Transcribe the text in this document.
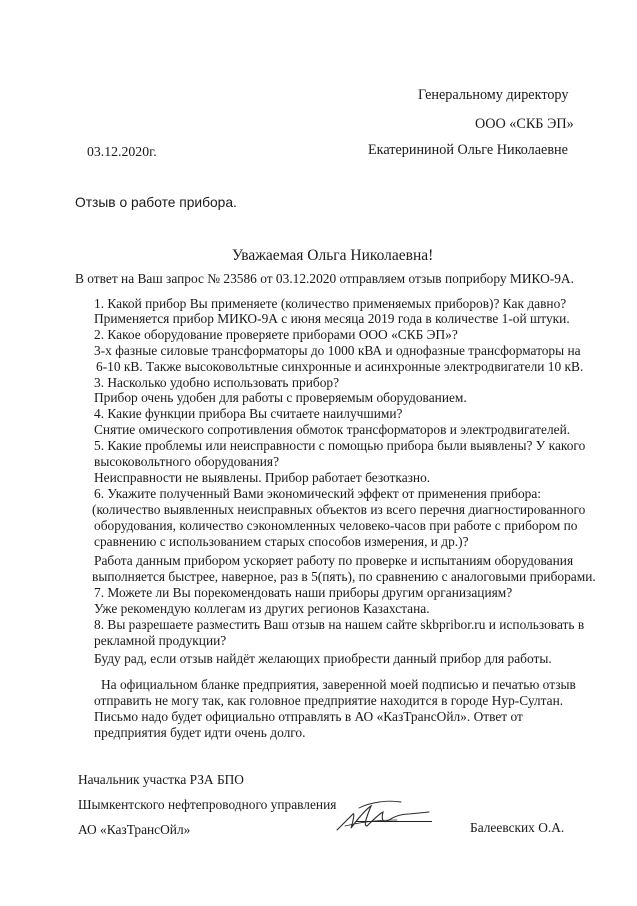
Генеральному директору
ООО «СКБ ЭП»
03.12.2020г.	Екатерининой Ольге Николаевне
Отзыв о работе прибора.
Уважаемая Ольга Николаевна!
В ответ на Ваш запрос № 23586 от 03.12.2020 отправляем отзыв поприбору МИКО-9А.
1. Какой прибор Вы применяете (количество применяемых приборов)? Как давно?
Применяется прибор МИКО-9А с июня месяца 2019 года в количестве 1-ой штуки.
2. Какое оборудование проверяете приборами ООО «СКБ ЭП»?
3-х фазные силовые трансформаторы до 1000 кВА и однофазные трансформаторы на
6-10 кВ. Также высоковольтные синхронные и асинхронные электродвигатели 10 кВ.
3. Насколько удобно использовать прибор?
Прибор очень удобен для работы с проверяемым оборудованием.
4. Какие функции прибора Вы считаете наилучшими?
Снятие омического сопротивления обмоток трансформаторов и электродвигателей.
5. Какие проблемы или неисправности с помощью прибора были выявлены? У какого
высоковольтного оборудования?
Неисправности не выявлены. Прибор работает безотказно.
6. Укажите полученный Вами экономический эффект от применения прибора:
(количество выявленных неисправных объектов из всего перечня диагностированного
оборудования, количество сэкономленных человеко-часов при работе с прибором по
сравнению с использованием старых способов измерения, и др.)?
Работа данным прибором ускоряет работу по проверке и испытаниям оборудования
выполняется быстрее, наверное, раз в 5(пять), по сравнению с аналоговыми приборами.
7. Можете ли Вы порекомендовать наши приборы другим организациям?
Уже рекомендую коллегам из других регионов Казахстана.
8. Вы разрешаете разместить Ваш отзыв на нашем сайте skbpribor.ru и использовать в
рекламной продукции?
Буду рад, если отзыв найдёт желающих приобрести данный прибор для работы.
На официальном бланке предприятия, заверенной моей подписью и печатью отзыв
отправить не могу так, как головное предприятие находится в городе Нур-Султан.
Письмо надо будет официально отправлять в АО «КазТрансОйл». Ответ от
предприятия будет идти очень долго.
Начальник участка РЗА БПО
Шымкентского нефтепроводного управления
АО «КазТрансОйл»	Балеевских О.А.
